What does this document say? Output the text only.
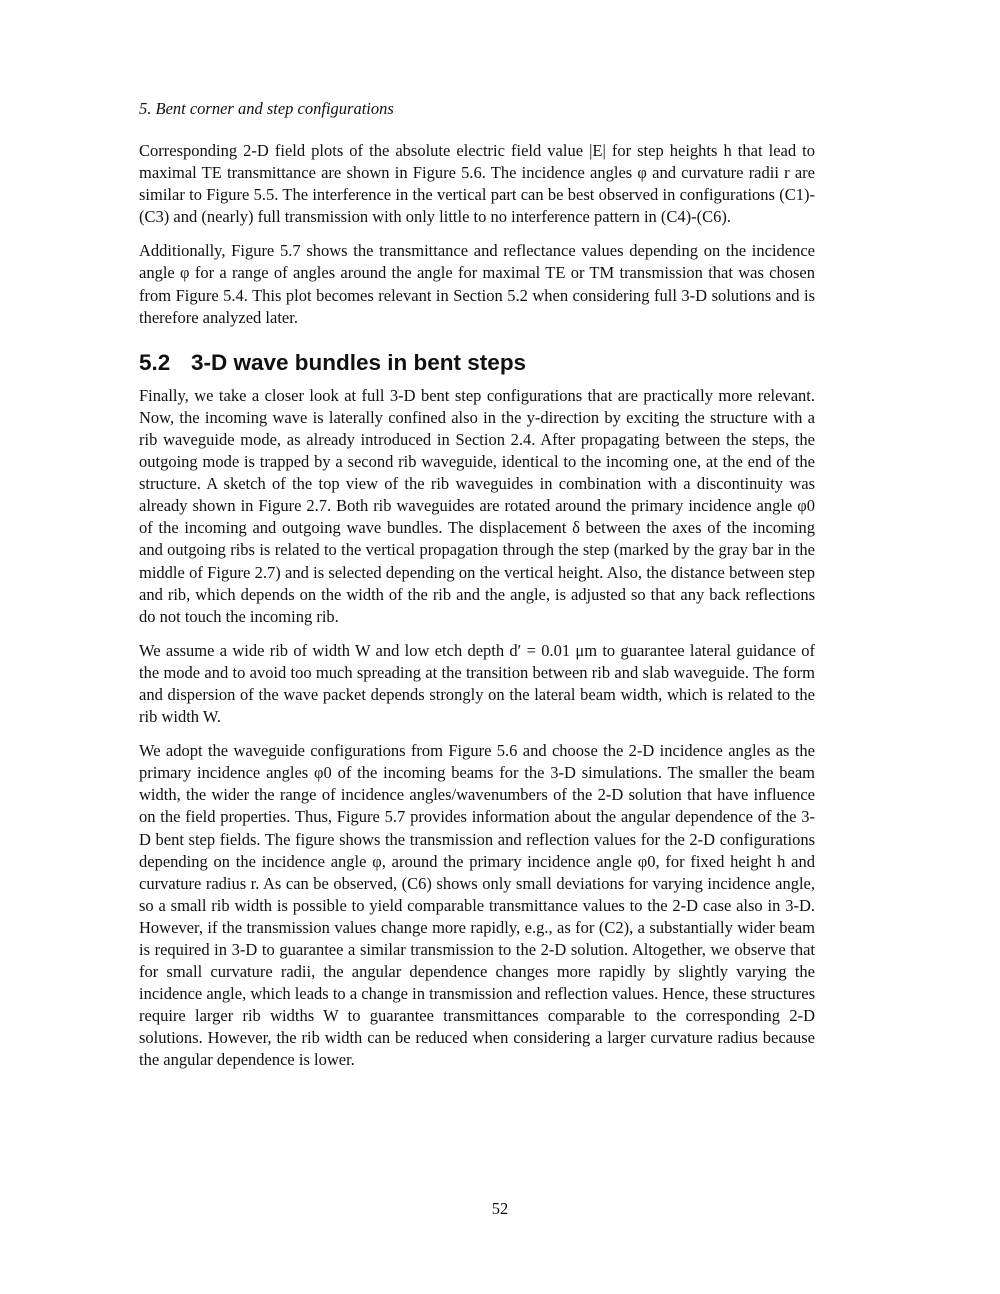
5. Bent corner and step configurations

Corresponding 2-D field plots of the absolute electric field value |E| for step heights h that lead to maximal TE transmittance are shown in Figure 5.6. The incidence angles φ and curvature radii r are similar to Figure 5.5. The interference in the vertical part can be best observed in configurations (C1)-(C3) and (nearly) full transmission with only little to no interference pattern in (C4)-(C6).

Additionally, Figure 5.7 shows the transmittance and reflectance values depending on the incidence angle φ for a range of angles around the angle for maximal TE or TM transmission that was chosen from Figure 5.4. This plot becomes relevant in Section 5.2 when considering full 3-D solutions and is therefore analyzed later.

5.2 3-D wave bundles in bent steps

Finally, we take a closer look at full 3-D bent step configurations that are practically more relevant. Now, the incoming wave is laterally confined also in the y-direction by exciting the structure with a rib waveguide mode, as already introduced in Section 2.4. After propagating between the steps, the outgoing mode is trapped by a second rib waveguide, identical to the incoming one, at the end of the structure. A sketch of the top view of the rib waveguides in combination with a discontinuity was already shown in Figure 2.7. Both rib waveguides are rotated around the primary incidence angle φ0 of the incoming and outgoing wave bundles. The displacement δ between the axes of the incoming and outgoing ribs is related to the vertical propagation through the step (marked by the gray bar in the middle of Figure 2.7) and is selected depending on the vertical height. Also, the distance between step and rib, which depends on the width of the rib and the angle, is adjusted so that any back reflections do not touch the incoming rib.

We assume a wide rib of width W and low etch depth d′ = 0.01 μm to guarantee lateral guidance of the mode and to avoid too much spreading at the transition between rib and slab waveguide. The form and dispersion of the wave packet depends strongly on the lateral beam width, which is related to the rib width W.

We adopt the waveguide configurations from Figure 5.6 and choose the 2-D incidence angles as the primary incidence angles φ0 of the incoming beams for the 3-D simulations. The smaller the beam width, the wider the range of incidence angles/wavenumbers of the 2-D solution that have influence on the field properties. Thus, Figure 5.7 provides information about the angular dependence of the 3-D bent step fields. The figure shows the transmission and reflection values for the 2-D configurations depending on the incidence angle φ, around the primary incidence angle φ0, for fixed height h and curvature radius r. As can be observed, (C6) shows only small deviations for varying incidence angle, so a small rib width is possible to yield comparable transmittance values to the 2-D case also in 3-D. However, if the transmission values change more rapidly, e.g., as for (C2), a substantially wider beam is required in 3-D to guarantee a similar transmission to the 2-D solution. Altogether, we observe that for small curvature radii, the angular dependence changes more rapidly by slightly varying the incidence angle, which leads to a change in transmission and reflection values. Hence, these structures require larger rib widths W to guarantee transmittances comparable to the corresponding 2-D solutions. However, the rib width can be reduced when considering a larger curvature radius because the angular dependence is lower.

52
